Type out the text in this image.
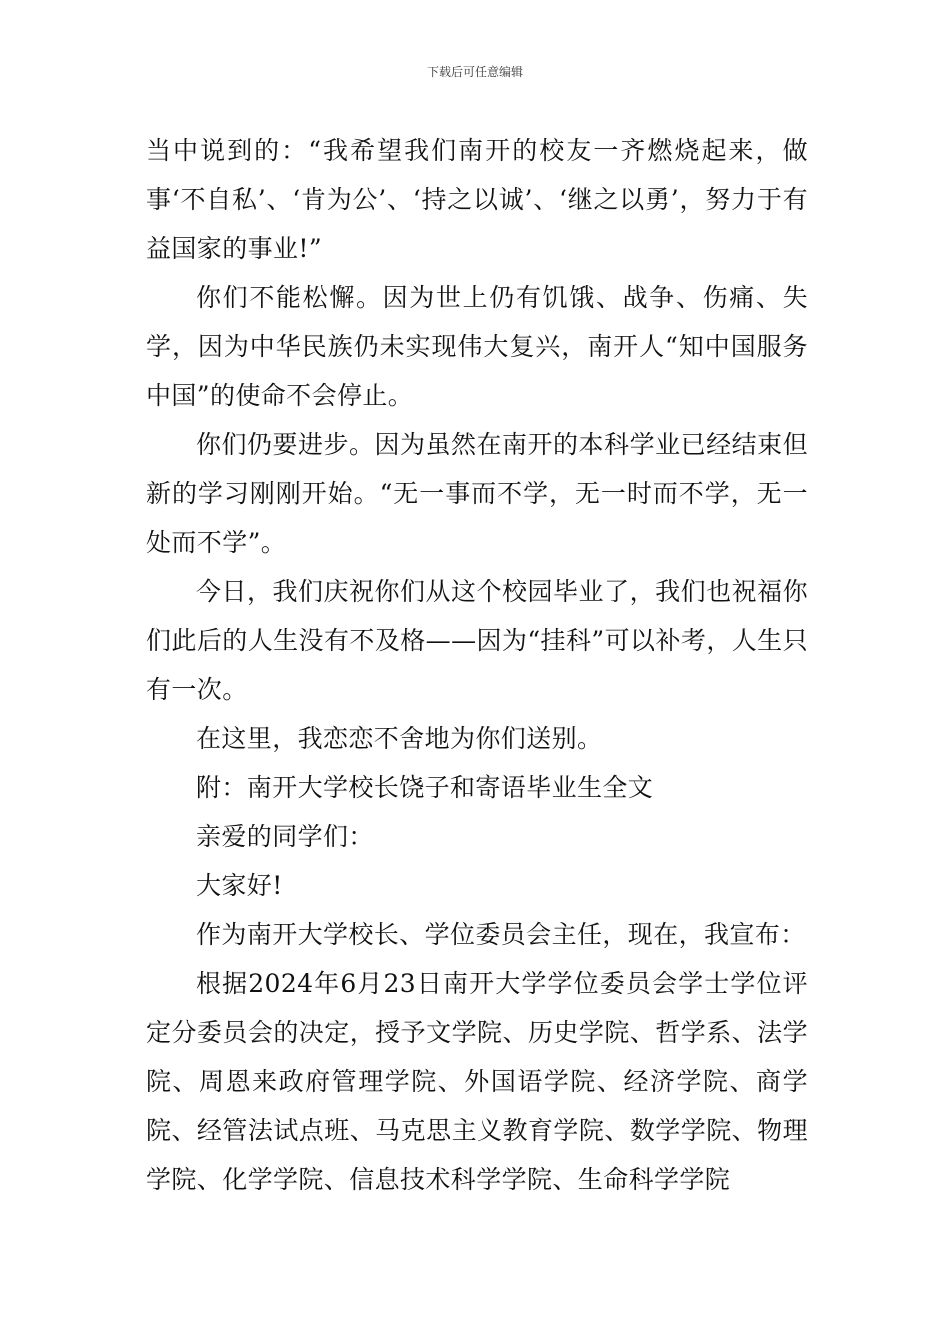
下载后可任意编辑

当中说到的：“我希望我们南开的校友一齐燃烧起来，做事‘不自私’、‘肯为公’、‘持之以诚’、‘继之以勇’，努力于有益国家的事业!”

你们不能松懈。因为世上仍有饥饿、战争、伤痛、失学，因为中华民族仍未实现伟大复兴，南开人“知中国服务中国”的使命不会停止。

你们仍要进步。因为虽然在南开的本科学业已经结束但新的学习刚刚开始。“无一事而不学，无一时而不学，无一处而不学”。

今日，我们庆祝你们从这个校园毕业了，我们也祝福你们此后的人生没有不及格——因为“挂科”可以补考，人生只有一次。

在这里，我恋恋不舍地为你们送别。

附：南开大学校长饶子和寄语毕业生全文

亲爱的同学们：

大家好!

作为南开大学校长、学位委员会主任，现在，我宣布：

根据2024年6月23日南开大学学位委员会学士学位评定分委员会的决定，授予文学院、历史学院、哲学系、法学院、周恩来政府管理学院、外国语学院、经济学院、商学院、经管法试点班、马克思主义教育学院、数学学院、物理学院、化学学院、信息技术科学学院、生命科学学院
